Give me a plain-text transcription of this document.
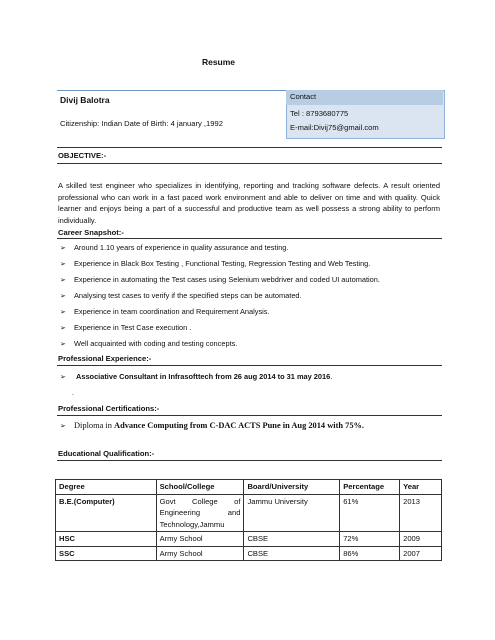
Resume
Divij Balotra
Citizenship: Indian Date of Birth: 4 january ,1992
Contact
Tel : 8793680775
E-mail:Divij75@gmail.com
OBJECTIVE:-
A skilled test engineer who specializes in identifying, reporting and tracking software defects. A result oriented professional who can work in a fast paced work environment and able to deliver on time and with quality. Quick learner and enjoys being a part of a successful and productive team as well possess a strong ability to perform individually.
Career Snapshot:-
➢ Around 1.10 years of experience in quality assurance and testing.
➢ Experience in Black Box Testing , Functional Testing, Regression Testing and Web Testing.
➢ Experience in automating the Test cases using Selenium webdriver and coded UI automation.
➢ Analysing test cases to verify if the specified steps can be automated.
➢ Experience in team coordination and Requirement Analysis.
➢ Experience in Test Case execution .
➢ Well acquainted with coding and testing concepts.
Professional Experience:-
➢ Associative Consultant in Infrasofttech from 26 aug 2014 to 31 may 2016.
.
Professional Certifications:-
➢ Diploma in Advance Computing from C-DAC ACTS Pune in Aug 2014 with 75%.
Educational Qualification:-
Degree	School/College	Board/University	Percentage	Year
B.E.(Computer)	Govt College of Engineering and Technology,Jammu	Jammu University	61%	2013
HSC	Army School	CBSE	72%	2009
SSC	Army School	CBSE	86%	2007
